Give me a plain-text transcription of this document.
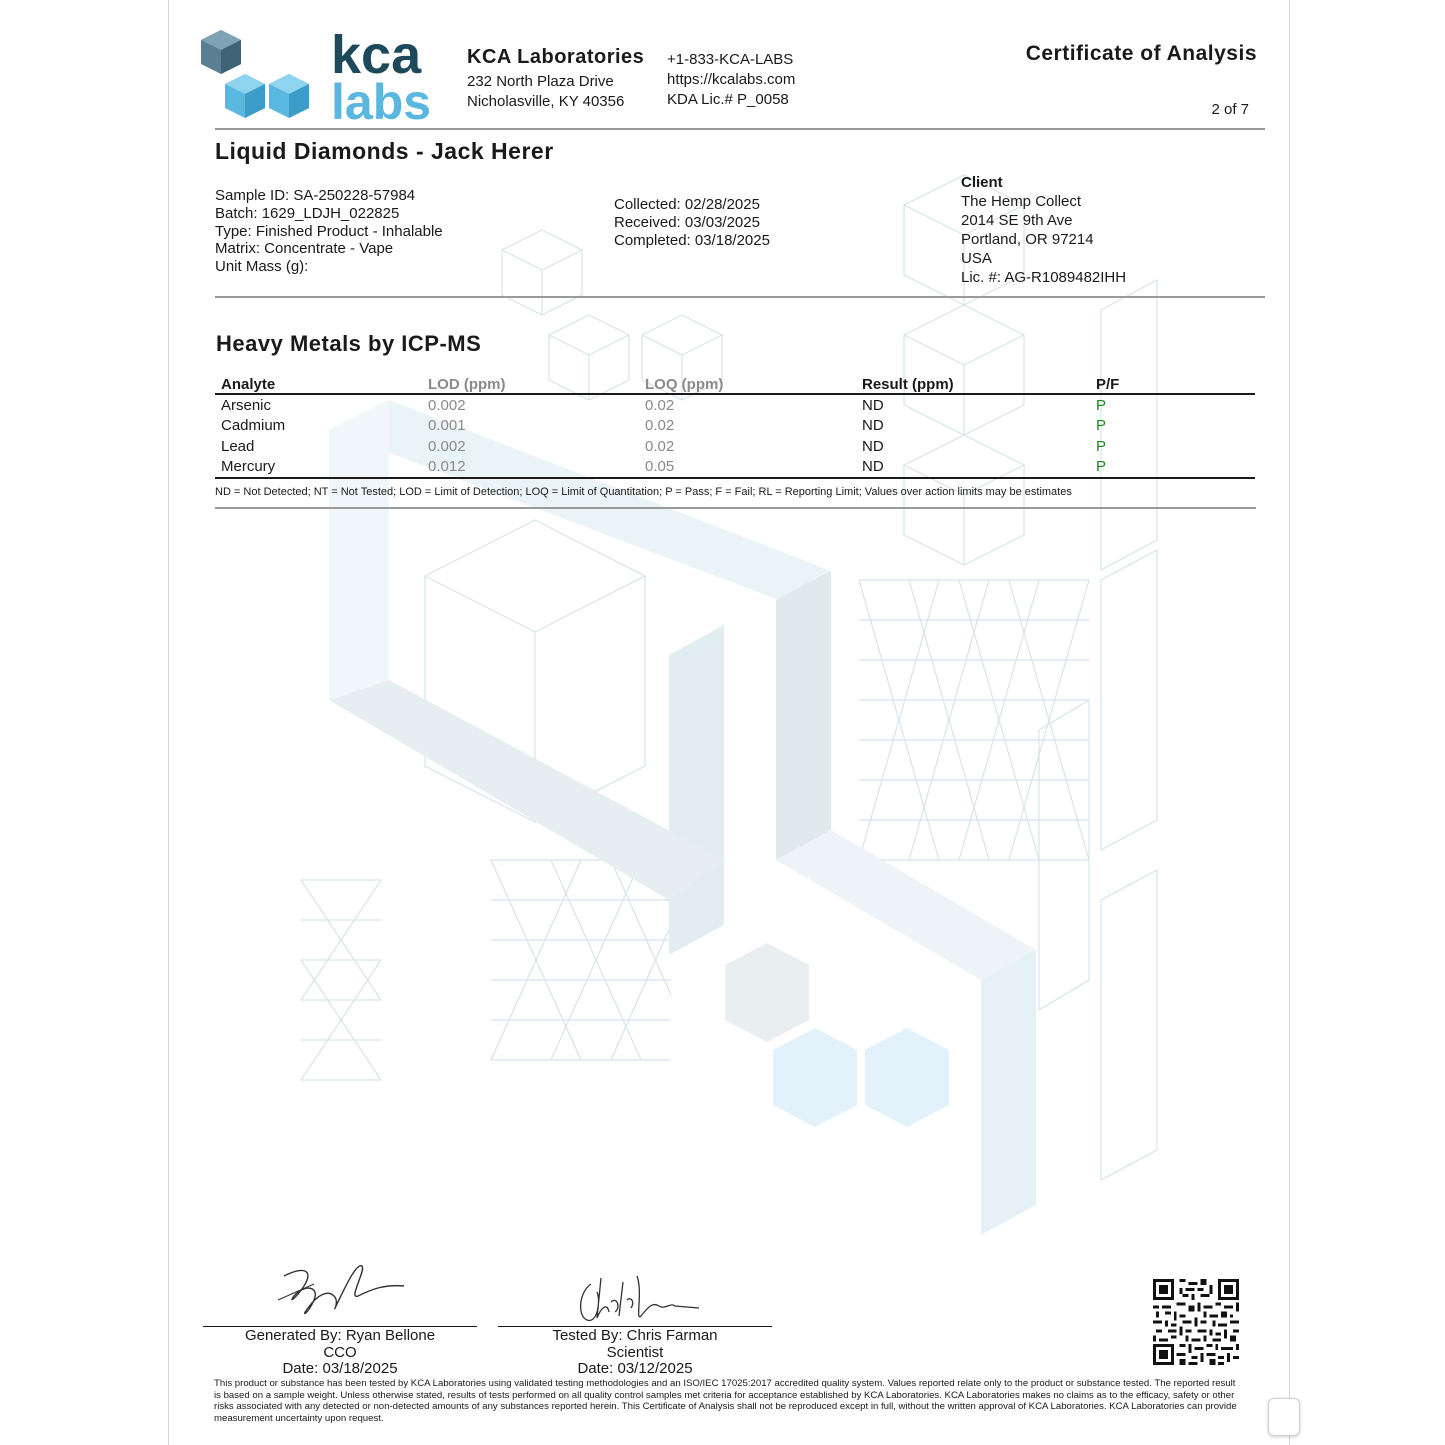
kca
labs
KCA Laboratories
232 North Plaza Drive
Nicholasville, KY 40356
+1-833-KCA-LABS
https://kcalabs.com
KDA Lic.# P_0058
Certificate of Analysis
2 of 7
Liquid Diamonds - Jack Herer
Sample ID: SA-250228-57984
Batch: 1629_LDJH_022825
Type: Finished Product - Inhalable
Matrix: Concentrate - Vape
Unit Mass (g):
Collected: 02/28/2025
Received: 03/03/2025
Completed: 03/18/2025
Client
The Hemp Collect
2014 SE 9th Ave
Portland, OR 97214
USA
Lic. #: AG-R1089482IHH
Heavy Metals by ICP-MS
Analyte	LOD (ppm)	LOQ (ppm)	Result (ppm)	P/F
Arsenic	0.002	0.02	ND	P
Cadmium	0.001	0.02	ND	P
Lead	0.002	0.02	ND	P
Mercury	0.012	0.05	ND	P
ND = Not Detected; NT = Not Tested; LOD = Limit of Detection; LOQ = Limit of Quantitation; P = Pass; F = Fail; RL = Reporting Limit; Values over action limits may be estimates
Generated By: Ryan Bellone
CCO
Date: 03/18/2025
Tested By: Chris Farman
Scientist
Date: 03/12/2025
This product or substance has been tested by KCA Laboratories using validated testing methodologies and an ISO/IEC 17025:2017 accredited quality system. Values reported relate only to the product or substance tested. The reported result is based on a sample weight. Unless otherwise stated, results of tests performed on all quality control samples met criteria for acceptance established by KCA Laboratories. KCA Laboratories makes no claims as to the efficacy, safety or other risks associated with any detected or non-detected amounts of any substances reported herein. This Certificate of Analysis shall not be reproduced except in full, without the written approval of KCA Laboratories. KCA Laboratories can provide measurement uncertainty upon request.
